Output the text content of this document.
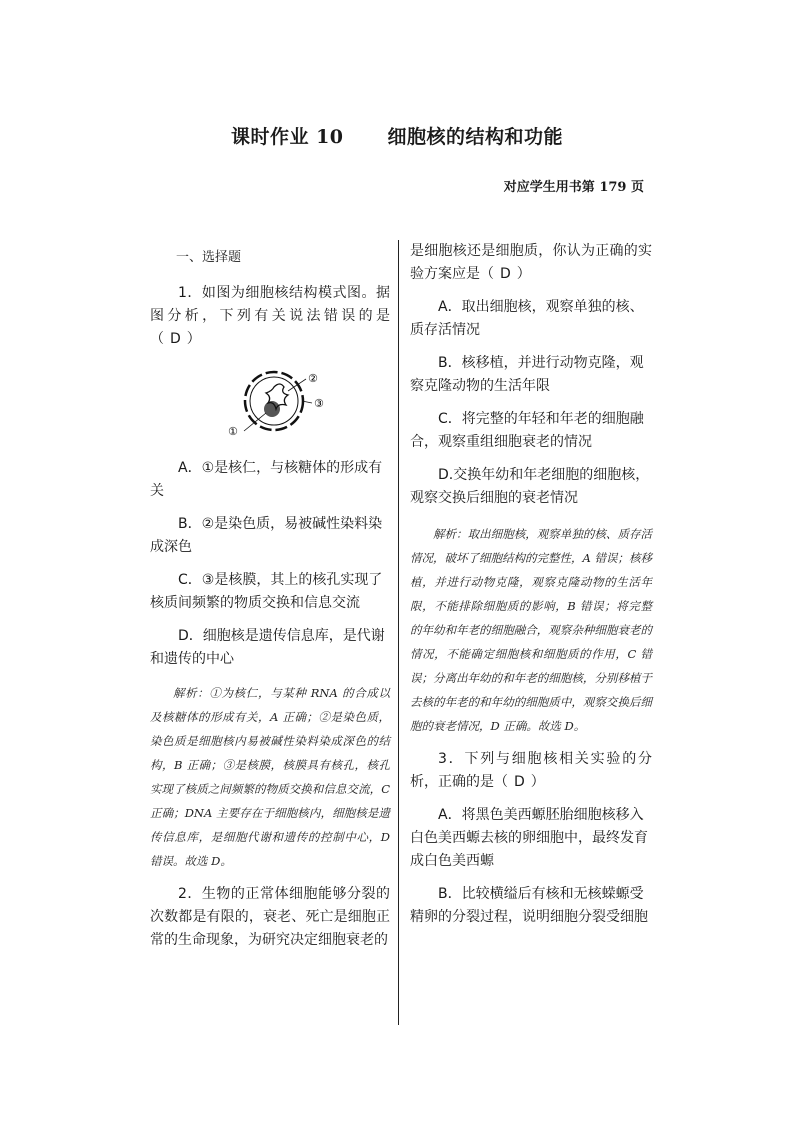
课时作业 10 细胞核的结构和功能
对应学生用书第 179 页

一、选择题

1．如图为细胞核结构模式图。据图分析，下列有关说法错误的是（ D ）

②
③
①

A．①是核仁，与核糖体的形成有关

B．②是染色质，易被碱性染料染成深色

C．③是核膜，其上的核孔实现了核质间频繁的物质交换和信息交流

D．细胞核是遗传信息库，是代谢和遗传的中心

解析：①为核仁，与某种 RNA 的合成以及核糖体的形成有关，A 正确；②是染色质，染色质是细胞核内易被碱性染料染成深色的结构，B 正确；③是核膜，核膜具有核孔，核孔实现了核质之间频繁的物质交换和信息交流，C 正确；DNA 主要存在于细胞核内，细胞核是遗传信息库，是细胞代谢和遗传的控制中心，D 错误。故选 D。

2．生物的正常体细胞能够分裂的次数都是有限的，衰老、死亡是细胞正常的生命现象，为研究决定细胞衰老的

是细胞核还是细胞质，你认为正确的实验方案应是（ D ）

A．取出细胞核，观察单独的核、质存活情况

B．核移植，并进行动物克隆，观察克隆动物的生活年限

C．将完整的年轻和年老的细胞融合，观察重组细胞衰老的情况

D.交换年幼和年老细胞的细胞核，观察交换后细胞的衰老情况

解析：取出细胞核，观察单独的核、质存活情况，破坏了细胞结构的完整性，A 错误；核移植，并进行动物克隆，观察克隆动物的生活年限，不能排除细胞质的影响，B 错误；将完整的年幼和年老的细胞融合，观察杂种细胞衰老的情况，不能确定细胞核和细胞质的作用，C 错误；分离出年幼的和年老的细胞核，分别移植于去核的年老的和年幼的细胞质中，观察交换后细胞的衰老情况，D 正确。故选 D。

3．下列与细胞核相关实验的分析，正确的是（ D ）

A．将黑色美西螈胚胎细胞核移入白色美西螈去核的卵细胞中，最终发育成白色美西螈

B．比较横缢后有核和无核蝾螈受精卵的分裂过程，说明细胞分裂受细胞
